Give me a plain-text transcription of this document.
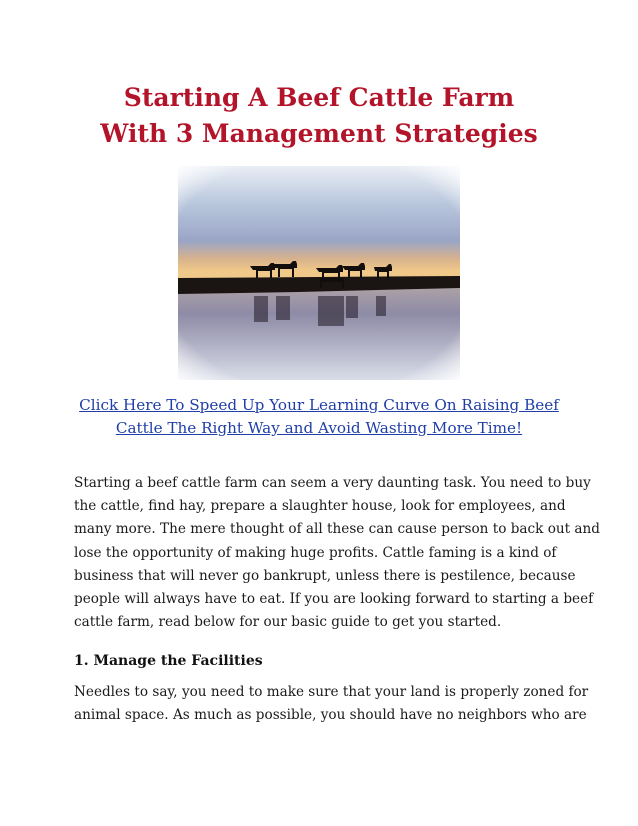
Starting A Beef Cattle Farm
With 3 Management Strategies
Click Here To Speed Up Your Learning Curve On Raising Beef
Cattle The Right Way and Avoid Wasting More Time!
Starting a beef cattle farm can seem a very daunting task. You need to buy
the cattle, find hay, prepare a slaughter house, look for employees, and
many more. The mere thought of all these can cause person to back out and
lose the opportunity of making huge profits. Cattle faming is a kind of
business that will never go bankrupt, unless there is pestilence, because
people will always have to eat. If you are looking forward to starting a beef
cattle farm, read below for our basic guide to get you started.
1. Manage the Facilities
Needles to say, you need to make sure that your land is properly zoned for
animal space. As much as possible, you should have no neighbors who are
